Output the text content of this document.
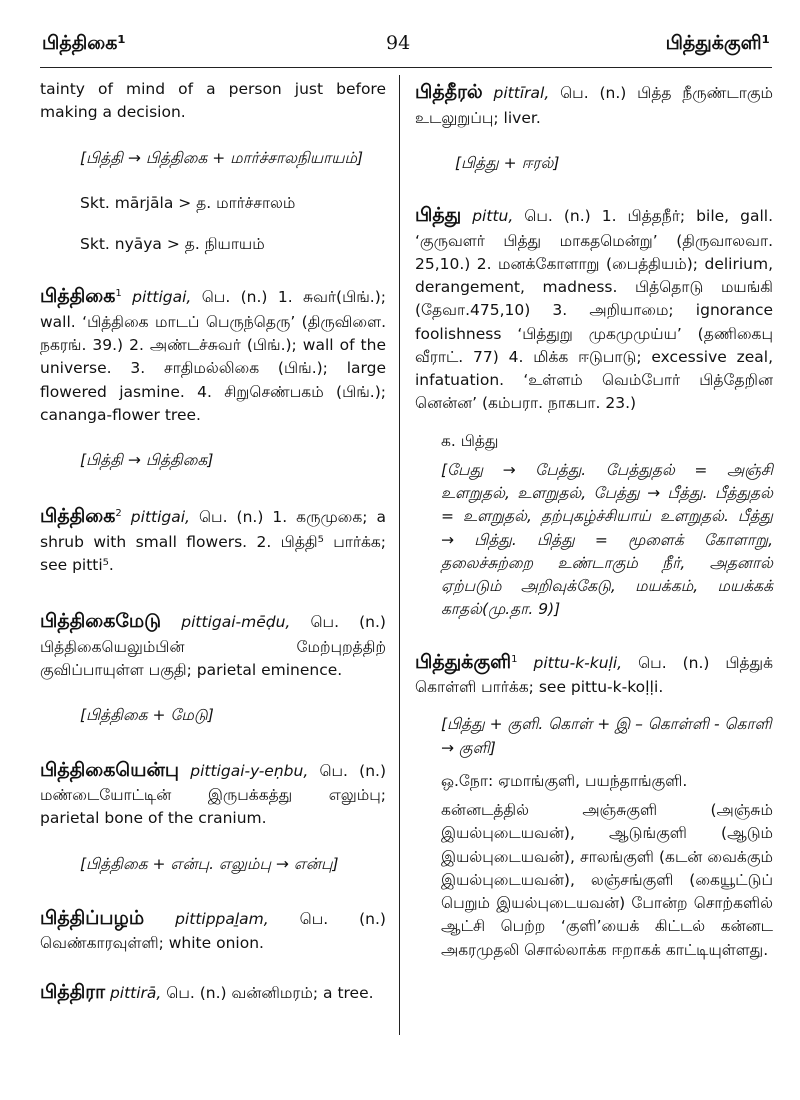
பித்திகை¹	94	பித்துக்குளி¹
tainty of mind of a person just before making a decision.
[பித்தி → பித்திகை + மார்ச்சாலநியாயம்]
Skt. mārjāla > த. மார்ச்சாலம்
Skt. nyāya > த. நியாயம்
பித்திகை$^1$ pittigai, பெ. (n.) 1. சுவர்(பிங்.); wall. ‘பித்திகை மாடப் பெருந்தெரு’ (திருவிளை. நகரங். 39.) 2. அண்டச்சுவர் (பிங்.); wall of the universe. 3. சாதிமல்லிகை (பிங்.); large flowered jasmine. 4. சிறுசெண்பகம் (பிங்.); cananga-flower tree.
[பித்தி → பித்திகை]
பித்திகை$^2$ pittigai, பெ. (n.) 1. கருமுகை; a shrub with small flowers. 2. பித்தி⁵ பார்க்க; see pitti⁵.
பித்திகைமேடு pittigai-mēḍu, பெ. (n.) பித்திகையெலும்பின் மேற்புறத்திற் குவிப்பாயுள்ள பகுதி; parietal eminence.
[பித்திகை + மேடு]
பித்திகையென்பு pittigai-y-eṇbu, பெ. (n.) மண்டையோட்டின் இருபக்கத்து எலும்பு; parietal bone of the cranium.
[பித்திகை + என்பு. எலும்பு → என்பு]
பித்திப்பழம் pittippaḻam, பெ. (n.) வெண்காரவுள்ளி; white onion.
பித்திரா pittirā, பெ. (n.) வன்னிமரம்; a tree.
பித்தீரல் pittīral, பெ. (n.) பித்த நீருண்டாகும் உடலுறுப்பு; liver.
[பித்து + ஈரல்]
பித்து pittu, பெ. (n.) 1. பித்தநீர்; bile, gall. ‘குருவளர் பித்து மாகதமென்று’ (திருவாலவா. 25,10.) 2. மனக்கோளாறு (பைத்தியம்); delirium, derangement, madness. பித்தொடு மயங்கி (தேவா.475,10) 3. அறியாமை; ignorance foolishness ‘பித்துறு முகமுமுய்ய’ (தணிகைபு வீராட். 77) 4. மிக்க ஈடுபாடு; excessive zeal, infatuation. ‘உள்ளம் வெம்போர் பித்தேறின னென்ன’ (கம்பரா. நாகபா. 23.)
க. பித்து
[பேது → பேத்து. பேத்துதல் = அஞ்சி உளறுதல், உளறுதல், பேத்து → பீத்து. பீத்துதல் = உளறுதல், தற்புகழ்ச்சியாய் உளறுதல். பீத்து → பித்து. பித்து = மூளைக் கோளாறு, தலைச்சுற்றை உண்டாகும் நீர், அதனால் ஏற்படும் அறிவுக்கேடு, மயக்கம், மயக்கக் காதல்(மு.தா. 9)]
பித்துக்குளி$^1$ pittu-k-kuḷi, பெ. (n.) பித்துக் கொள்ளி பார்க்க; see pittu-k-koḷḷi.
[பித்து + குளி. கொள் + இ – கொள்ளி - கொளி → குளி]
ஒ.நோ: ஏமாங்குளி, பயந்தாங்குளி.
கன்னடத்தில் அஞ்சுகுளி (அஞ்சும் இயல்புடையவன்), ஆடுங்குளி (ஆடும் இயல்புடையவன்), சாலங்குளி (கடன் வைக்கும் இயல்புடையவன்), லஞ்சங்குளி (கையூட்டுப் பெறும் இயல்புடையவன்) போன்ற சொற்களில் ஆட்சி பெற்ற ‘குளி’யைக் கிட்டல் கன்னட அகரமுதலி சொல்லாக்க ஈறாகக் காட்டியுள்ளது.
